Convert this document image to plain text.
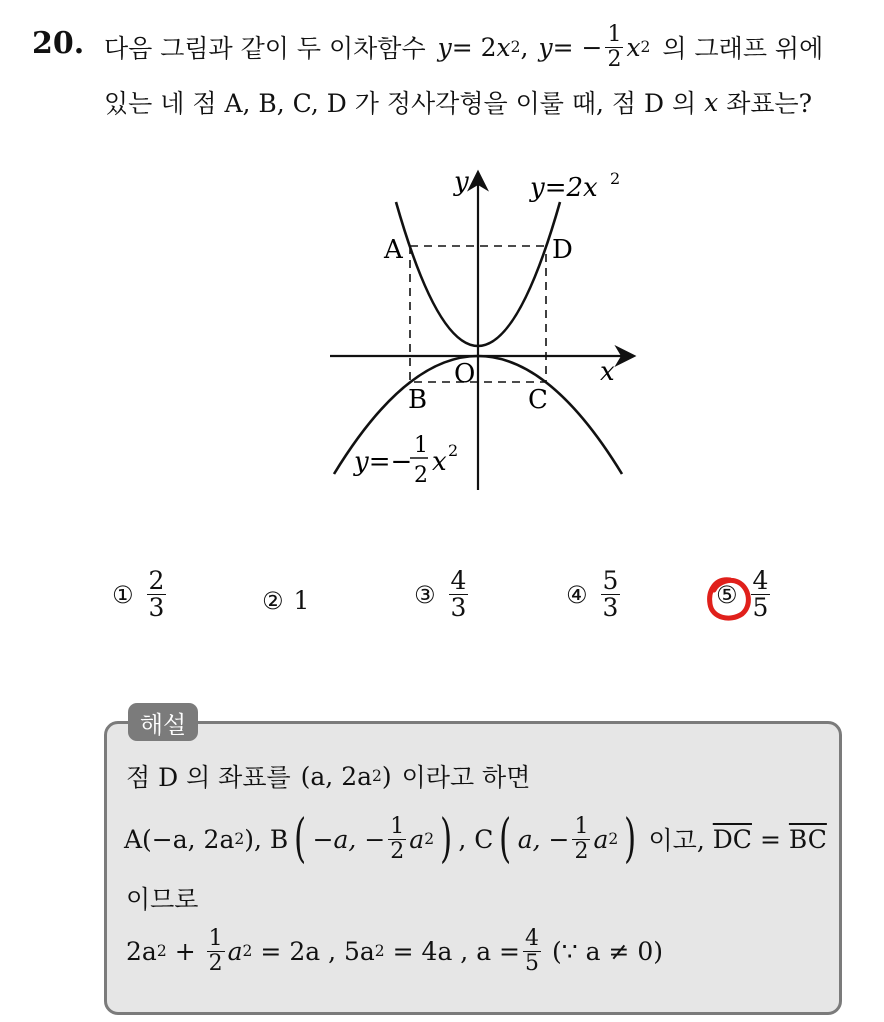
20. 다음 그림과 같이 두 이차함수 y = 2 x 2 , y = − $\frac{1}{2}$ x 2 의 그래프 위에
있는 네 점 A, B, C, D 가 정사각형을 이룰 때, 점 D 의 x 좌표는?
y
x
O
A	D
B	C
y=2x 2
y=−
1
2 x 2
① $\frac{2}{3}$	② 1	③ $\frac{4}{3}$	④ $\frac{5}{3}$	⑤ $\frac{4}{5}$
해설
점 D 의 좌표를 (a, 2a 2 ) 이라고 하면
A(−a, 2a 2 ), B ( −a, − $\frac{1}{2}$ a 2 ) , C ( a, − $\frac{1}{2}$ a 2 ) 이고, $\overline{DC} = \overline{BC}$
이므로
2a $2 + \frac{1}{2}$ a 2 = 2a , 5a 2 = 4a , $a = \frac{4}{5}$ (∵ a ≠ 0)
